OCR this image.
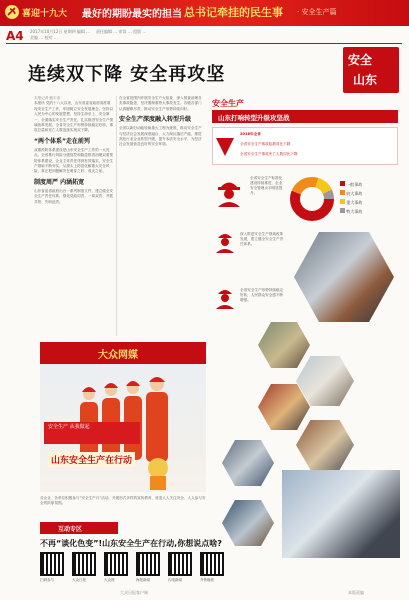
喜迎十九大 最好的期盼 最实的担当 总书记牵挂的民生事 · 安全生产篇
A4 2017年10月12日 星期四 编辑 … 美编 … 校对 …
责任编辑 … 审读 … 组版 …
连续双下降 安全再攻坚
安全
山东
本报记者 鲍丰奎
本报讯 党的十八大以来，山东省委省政府高度重视安全生产工作，牢固树立安全发展理念，坚持以人民为中心的发展思想，坚持生命至上、安全第一，全面落实安全生产责任，扎实推进安全生产领域改革发展，全省安全生产形势持续稳定好转，事故总量和死亡人数连续实现双下降。
“两个体系”走在前列
双重预防体系建设是山东安全生产工作的一大亮点。全省推行风险分级管控和隐患排查治理双重预防体系建设，企业主体责任得到有效落实，安全生产基础不断夯实。从源头上防范化解重大安全风险，真正把问题解决在萌芽之时、成灾之前。
制度周严 内涵拓宽
山东省委省政府出台一系列制度文件，建立健全安全生产责任体系，强化党政同责、一岗双责、齐抓共管、失职追责。
在全省范围内开展安全生产大检查，深入排查治理各类事故隐患，坚决遏制重特大事故发生。各级各部门认真履职尽责，推动安全生产形势持续向好。
安全生产深度融入转型升级
全省以新旧动能转换重大工程为统领，推动安全生产与经济社会发展深度融合，大力淘汰落后产能，推进高危行业企业转型升级，提升本质安全水平，为经济社会发展营造良好的安全环境。
安全生产
山东打响转型升级攻坚战
2016年全省
全省安全生产事故起数同比下降
全省安全生产事故死亡人数同比下降
全省安全生产标准化建设持续推进，企业安全管理水平明显提升。
一般事故
较大事故
重大事故
特大事故
深入推进安全生产领域改革发展，建立健全安全生产责任体系。
全省安全生产形势持续稳定好转，人民群众安全感不断增强。
大众网媒
安全生产 从我做起
山东安全生产在行动
各企业、各单位积极参与“安全生产月”活动，开展形式多样的宣传教育，营造人人关注安全、人人参与安全的浓厚氛围。
互动专区
不再“谈化色变”!山东安全生产在行动,你想说点啥?
扫码参与	大众日报	大众网	海报新闻	闪电新闻	齐鲁晚报
大众日报客户端	本版责编
